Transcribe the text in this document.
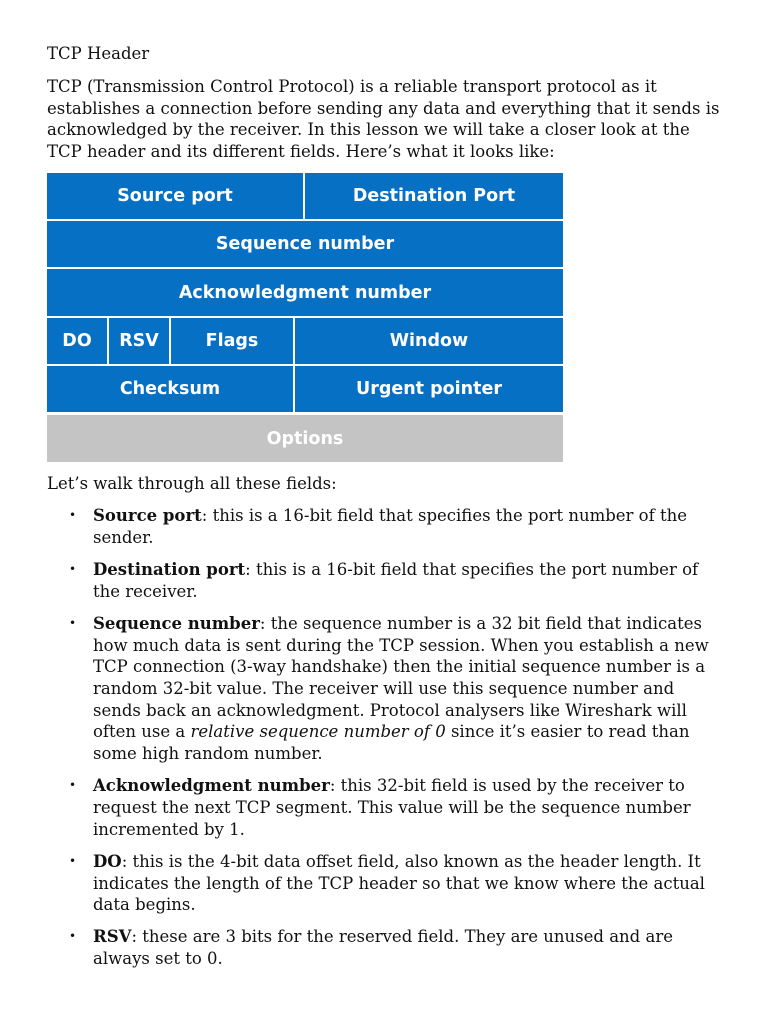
TCP Header

TCP (Transmission Control Protocol) is a reliable transport protocol as it establishes a connection before sending any data and everything that it sends is acknowledged by the receiver. In this lesson we will take a closer look at the TCP header and its different fields. Here’s what it looks like:

Source port	Destination Port
Sequence number
Acknowledgment number
DO	RSV	Flags	Window
Checksum	Urgent pointer
Options

Let’s walk through all these fields:

• Source port: this is a 16-bit field that specifies the port number of the sender.
• Destination port: this is a 16-bit field that specifies the port number of the receiver.
• Sequence number: the sequence number is a 32 bit field that indicates how much data is sent during the TCP session. When you establish a new TCP connection (3-way handshake) then the initial sequence number is a random 32-bit value. The receiver will use this sequence number and sends back an acknowledgment. Protocol analysers like Wireshark will often use a relative sequence number of 0 since it’s easier to read than some high random number.
• Acknowledgment number: this 32-bit field is used by the receiver to request the next TCP segment. This value will be the sequence number incremented by 1.
• DO: this is the 4-bit data offset field, also known as the header length. It indicates the length of the TCP header so that we know where the actual data begins.
• RSV: these are 3 bits for the reserved field. They are unused and are always set to 0.
